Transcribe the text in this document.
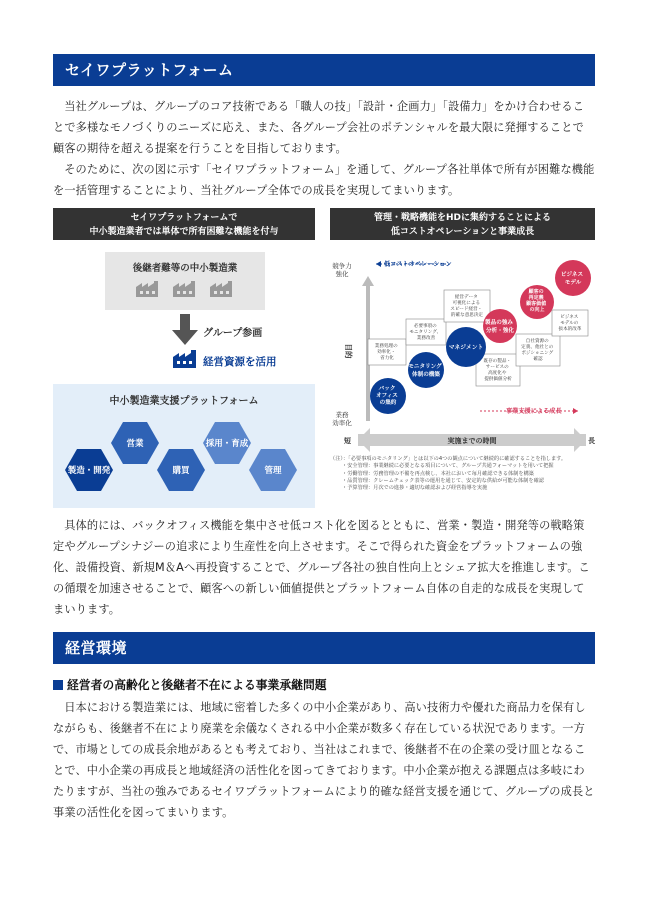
セイワプラットフォーム

当社グループは、グループのコア技術である「職人の技」「設計・企画力」「設備力」をかけ合わせることで多様なモノづくりのニーズに応え、また、各グループ会社のポテンシャルを最大限に発揮することで顧客の期待を超える提案を行うことを目指しております。

そのために、次の図に示す「セイワプラットフォーム」を通して、グループ各社単体で所有が困難な機能を一括管理することにより、当社グループ全体での成長を実現してまいります。

セイワプラットフォームで
中小製造業者では単体で所有困難な機能を付与
後継者難等の中小製造業
グループ参画
経営資源を活用
中小製造業支援プラットフォーム
製造・開発
営業
購買
採用・育成
管理
管理・戦略機能をHDに集約することによる
低コストオペレーションと事業成長
競争力
強化
目的
業務
効率化
短	長
実施までの時間
低コストオペレーション
事業支援による成長
業務処理の 効率化・ 省力化
必要事項の モニタリング、 業務改善
経営データ 可視化による スピード経営・ 的確な意思決定
既存の製品・ サービスの 高度化や 提供価値分析
自社資源の 定義、他社との ポジショニング 確認
ビジネス モデルの 抜本的改革
バック オフィス の集約
モニタリング 体制の構築
マネジメント
製品の強み 分析・強化
顧客の 再定義 顧客価値 の向上
ビジネス モデル
（注）：「必要事項のモニタリング」とは以下の4つの観点について継続的に確認することを指します。
・安全管理：事業継続に必要となる項目について、グループ共通フォーマットを用いて把握
・労働管理：労務管理の不備を再点検し、本社において毎月確認できる体制を構築
・品質管理：クレームチェック表等の運用を通じて、安定的な供給が可能な体制を確認
・予算管理：月次での進捗・適切な確認および経営指導を実施

具体的には、バックオフィス機能を集中させ低コスト化を図るとともに、営業・製造・開発等の戦略策定やグループシナジーの追求により生産性を向上させます。そこで得られた資金をプラットフォームの強化、設備投資、新規M＆Aへ再投資することで、グループ各社の独自性向上とシェア拡大を推進します。この循環を加速させることで、顧客への新しい価値提供とプラットフォーム自体の自走的な成長を実現してまいります。

経営環境
経営者の高齢化と後継者不在による事業承継問題

日本における製造業には、地域に密着した多くの中小企業があり、高い技術力や優れた商品力を保有しながらも、後継者不在により廃業を余儀なくされる中小企業が数多く存在している状況であります。一方で、市場としての成長余地があるとも考えており、当社はこれまで、後継者不在の企業の受け皿となることで、中小企業の再成長と地域経済の活性化を図ってきております。中小企業が抱える課題点は多岐にわたりますが、当社の強みであるセイワプラットフォームにより的確な経営支援を通じて、グループの成長と事業の活性化を図ってまいります。
